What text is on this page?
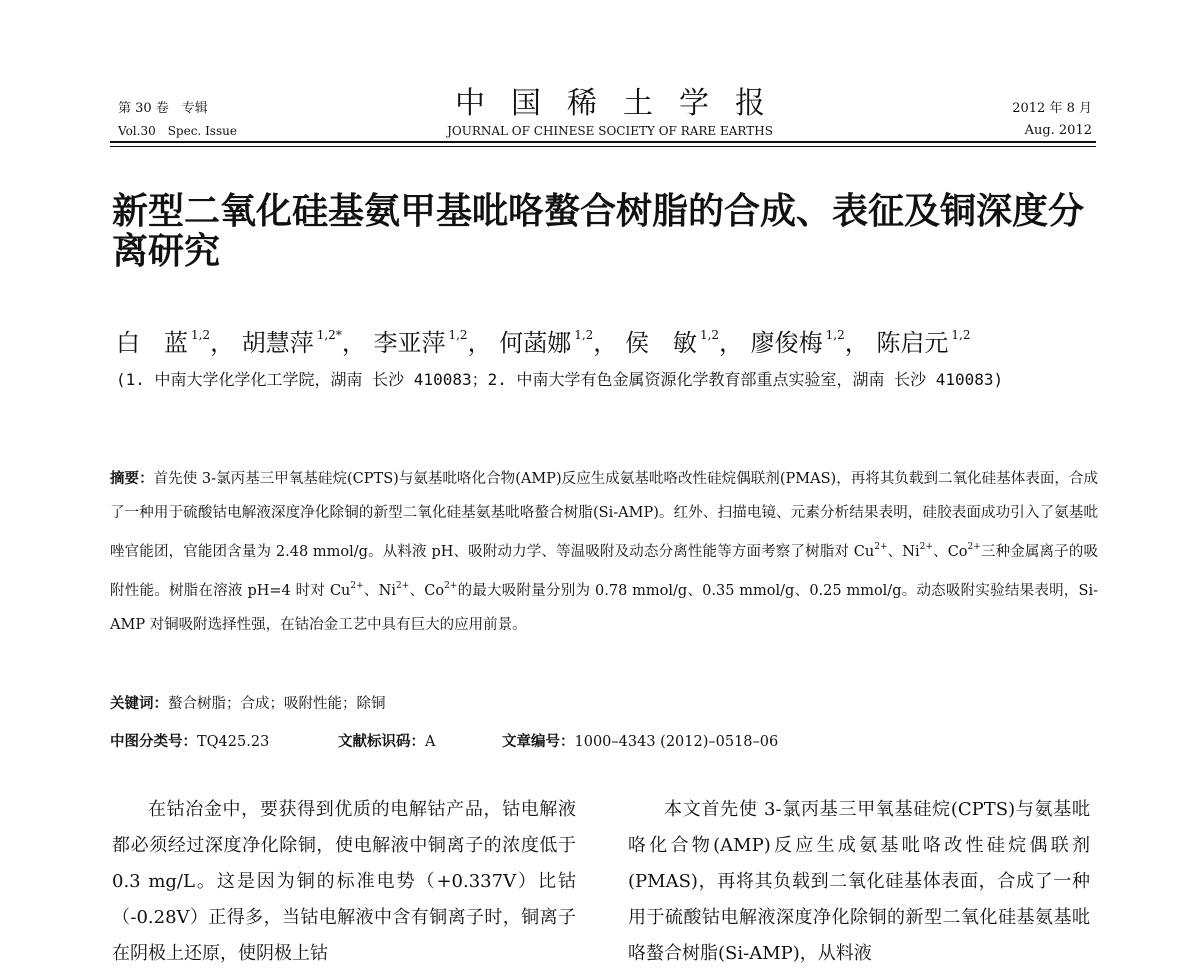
第 30 卷　专辑
Vol.30　Spec. Issue
中国稀土学报
JOURNAL OF CHINESE SOCIETY OF RARE EARTHS
2012 年 8 月
Aug. 2012
新型二氧化硅基氨甲基吡咯螯合树脂的合成、表征及铜深度分离研究
白　蓝 $^{1,2}$， 胡慧萍 $^{1,2*}$， 李亚萍 $^{1,2}$， 何菡娜 $^{1,2}$， 侯　敏 $^{1,2}$， 廖俊梅 $^{1,2}$， 陈启元 $^{1,2}$
(1. 中南大学化学化工学院，湖南 长沙 410083；2. 中南大学有色金属资源化学教育部重点实验室，湖南 长沙 410083)
摘要：首先使 3-氯丙基三甲氧基硅烷(CPTS)与氨基吡咯化合物(AMP)反应生成氨基吡咯改性硅烷偶联剂(PMAS)，再将其负载到二氧化硅基体表面，合成了一种用于硫酸钴电解液深度净化除铜的新型二氧化硅基氨基吡咯螯合树脂(Si-AMP)。红外、扫描电镜、元素分析结果表明，硅胶表面成功引入了氨基吡唑官能团，官能团含量为 2.48 mmol/g。从料液 pH、吸附动力学、等温吸附及动态分离性能等方面考察了树脂对 $Cu^{2+}$、$Ni^{2+}$、$Co^{2+}$三种金属离子的吸附性能。树脂在溶液 pH=4 时对 $Cu^{2+}$、$Ni^{2+}$、$Co^{2+}$的最大吸附量分别为 0.78 mmol/g、0.35 mmol/g、0.25 mmol/g。动态吸附实验结果表明，Si-AMP 对铜吸附选择性强，在钴冶金工艺中具有巨大的应用前景。
关键词：螯合树脂；合成；吸附性能；除铜
中图分类号：TQ425.23	文献标识码：A	文章编号：1000–4343 (2012)–0518–06

在钴冶金中，要获得到优质的电解钴产品，钴电解液都必须经过深度净化除铜，使电解液中铜离子的浓度低于 0.3 mg/L。这是因为铜的标准电势（+0.337V）比钴（-0.28V）正得多，当钴电解液中含有铜离子时，铜离子在阴极上还原，使阴极上钴

本文首先使 3-氯丙基三甲氧基硅烷(CPTS)与氨基吡咯化合物(AMP)反应生成氨基吡咯改性硅烷偶联剂(PMAS)，再将其负载到二氧化硅基体表面，合成了一种用于硫酸钴电解液深度净化除铜的新型二氧化硅基氨基吡咯螯合树脂(Si-AMP)，从料液
